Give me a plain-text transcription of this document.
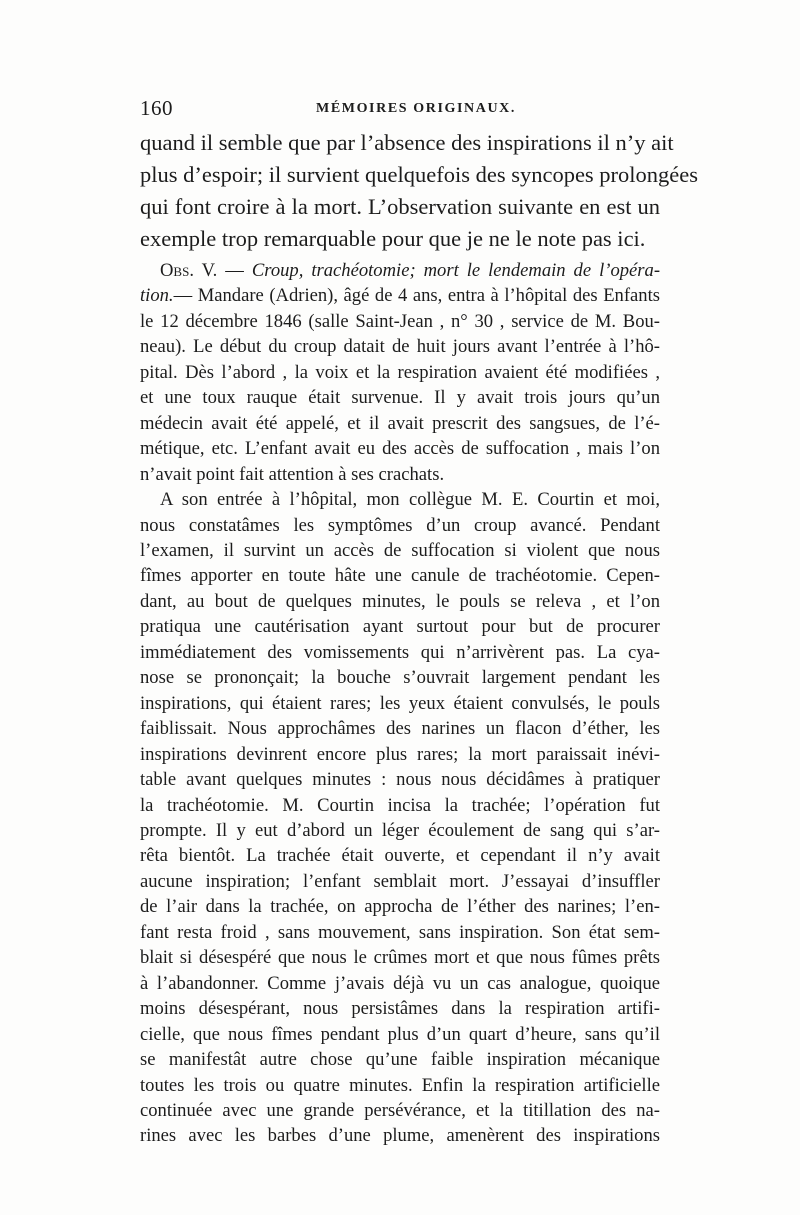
160	MÉMOIRES ORIGINAUX.
quand il semble que par l’absence des inspirations il n’y ait
plus d’espoir; il survient quelquefois des syncopes prolongées
qui font croire à la mort. L’observation suivante en est un
exemple trop remarquable pour que je ne le note pas ici.
Obs. V. — Croup, trachéotomie; mort le lendemain de l’opéra-
tion.— Mandare (Adrien), âgé de 4 ans, entra à l’hôpital des Enfants
le 12 décembre 1846 (salle Saint-Jean , n° 30 , service de M. Bou-
neau). Le début du croup datait de huit jours avant l’entrée à l’hô-
pital. Dès l’abord , la voix et la respiration avaient été modifiées ,
et une toux rauque était survenue. Il y avait trois jours qu’un
médecin avait été appelé, et il avait prescrit des sangsues, de l’é-
métique, etc. L’enfant avait eu des accès de suffocation , mais l’on
n’avait point fait attention à ses crachats.
A son entrée à l’hôpital, mon collègue M. E. Courtin et moi,
nous constatâmes les symptômes d’un croup avancé. Pendant
l’examen, il survint un accès de suffocation si violent que nous
fîmes apporter en toute hâte une canule de trachéotomie. Cepen-
dant, au bout de quelques minutes, le pouls se releva , et l’on
pratiqua une cautérisation ayant surtout pour but de procurer
immédiatement des vomissements qui n’arrivèrent pas. La cya-
nose se prononçait; la bouche s’ouvrait largement pendant les
inspirations, qui étaient rares; les yeux étaient convulsés, le pouls
faiblissait. Nous approchâmes des narines un flacon d’éther, les
inspirations devinrent encore plus rares; la mort paraissait inévi-
table avant quelques minutes : nous nous décidâmes à pratiquer
la trachéotomie. M. Courtin incisa la trachée; l’opération fut
prompte. Il y eut d’abord un léger écoulement de sang qui s’ar-
rêta bientôt. La trachée était ouverte, et cependant il n’y avait
aucune inspiration; l’enfant semblait mort. J’essayai d’insuffler
de l’air dans la trachée, on approcha de l’éther des narines; l’en-
fant resta froid , sans mouvement, sans inspiration. Son état sem-
blait si désespéré que nous le crûmes mort et que nous fûmes prêts
à l’abandonner. Comme j’avais déjà vu un cas analogue, quoique
moins désespérant, nous persistâmes dans la respiration artifi-
cielle, que nous fîmes pendant plus d’un quart d’heure, sans qu’il
se manifestât autre chose qu’une faible inspiration mécanique
toutes les trois ou quatre minutes. Enfin la respiration artificielle
continuée avec une grande persévérance, et la titillation des na-
rines avec les barbes d’une plume, amenèrent des inspirations
